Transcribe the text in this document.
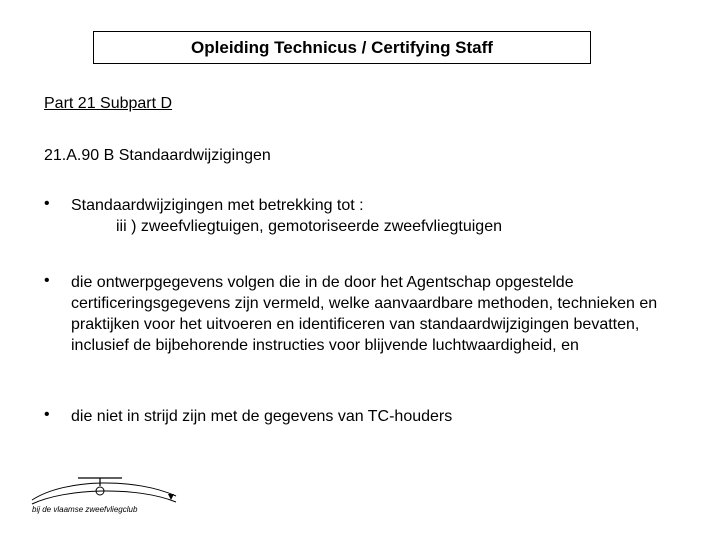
Opleiding Technicus / Certifying Staff
Part 21 Subpart D
21.A.90 B Standaardwijzigingen
• Standaardwijzigingen met betrekking tot :
iii ) zweefvliegtuigen, gemotoriseerde zweefvliegtuigen
• die ontwerpgegevens volgen die in de door het Agentschap opgestelde certificeringsgegevens zijn vermeld, welke aanvaardbare methoden, technieken en praktijken voor het uitvoeren en identificeren van standaardwijzigingen bevatten, inclusief de bijbehorende instructies voor blijvende luchtwaardigheid, en
• die niet in strijd zijn met de gegevens van TC-houders
bij de vlaamse zweefvliegclub
